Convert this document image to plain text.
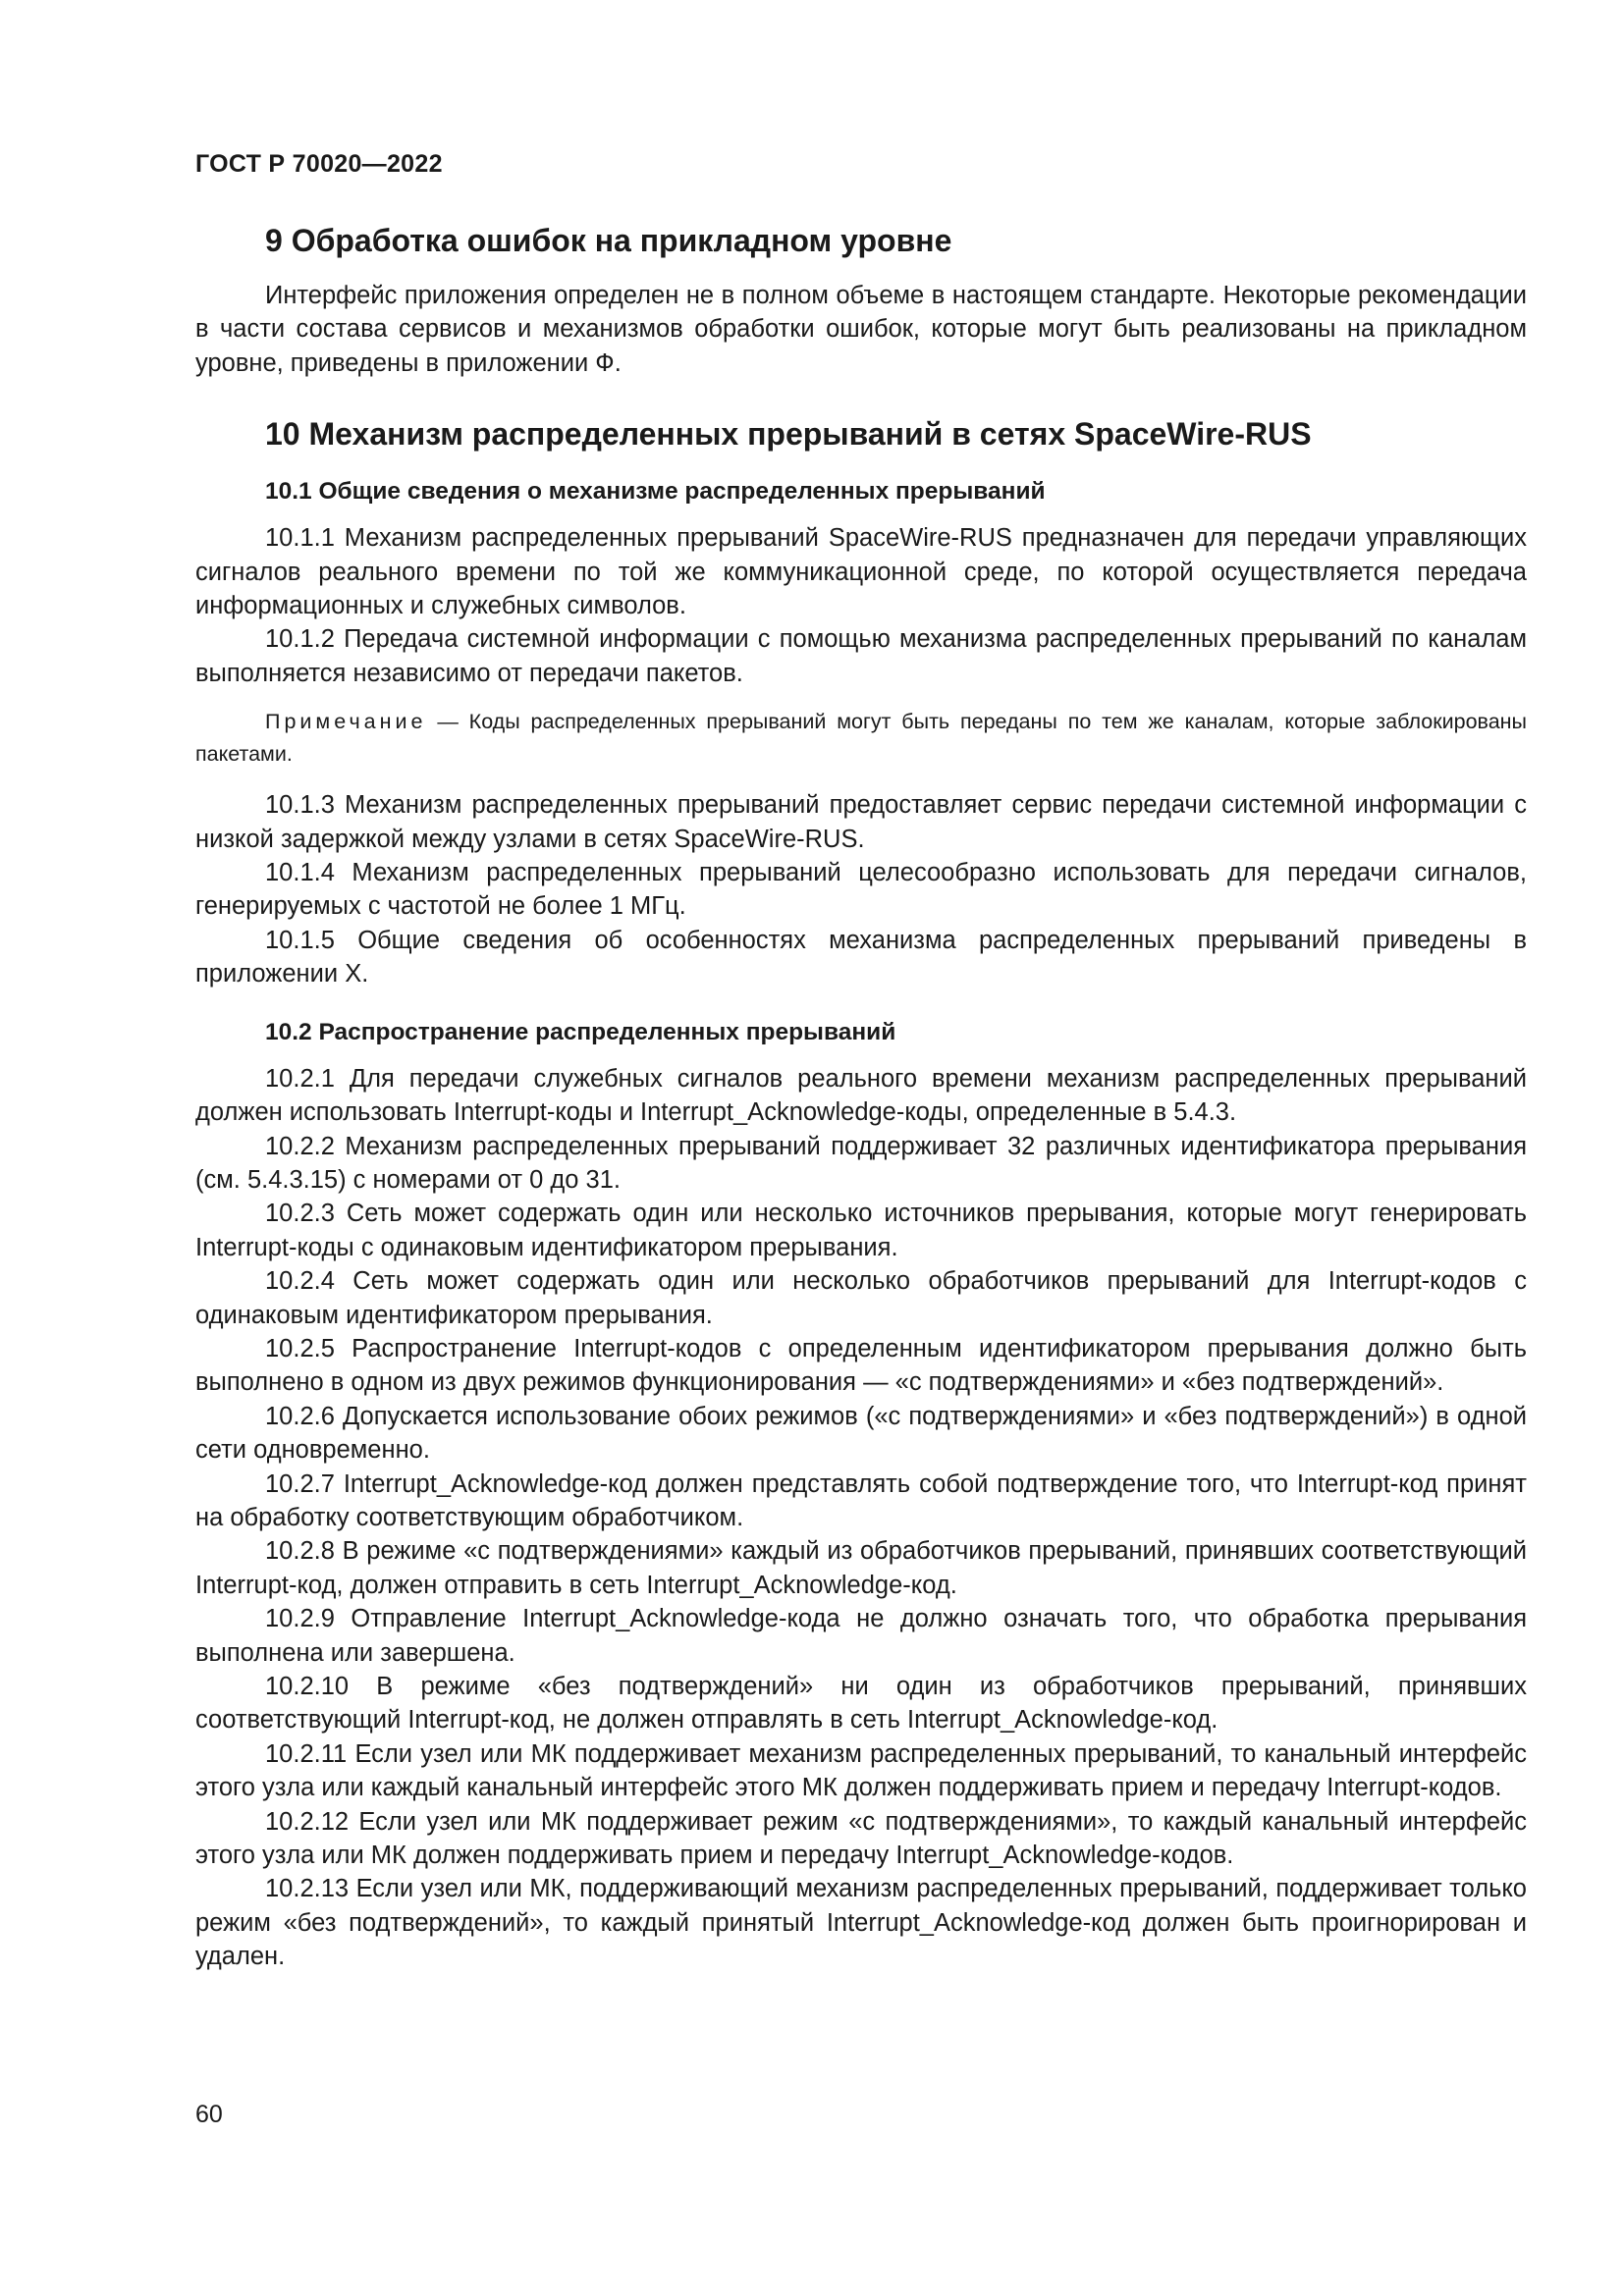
ГОСТ Р 70020—2022
9 Обработка ошибок на прикладном уровне

Интерфейс приложения определен не в полном объеме в настоящем стандарте. Некоторые рекомендации в части состава сервисов и механизмов обработки ошибок, которые могут быть реализованы на прикладном уровне, приведены в приложении Ф.

10 Механизм распределенных прерываний в сетях SpaceWire-RUS
10.1 Общие сведения о механизме распределенных прерываний

10.1.1 Механизм распределенных прерываний SpaceWire-RUS предназначен для передачи управляющих сигналов реального времени по той же коммуникационной среде, по которой осуществляется передача информационных и служебных символов.

10.1.2 Передача системной информации с помощью механизма распределенных прерываний по каналам выполняется независимо от передачи пакетов.

Примечание — Коды распределенных прерываний могут быть переданы по тем же каналам, которые заблокированы пакетами.

10.1.3 Механизм распределенных прерываний предоставляет сервис передачи системной информации с низкой задержкой между узлами в сетях SpaceWire-RUS.

10.1.4 Механизм распределенных прерываний целесообразно использовать для передачи сигналов, генерируемых с частотой не более 1 МГц.

10.1.5 Общие сведения об особенностях механизма распределенных прерываний приведены в приложении Х.

10.2 Распространение распределенных прерываний

10.2.1 Для передачи служебных сигналов реального времени механизм распределенных прерываний должен использовать Interrupt-коды и Interrupt_Acknowledge-коды, определенные в 5.4.3.

10.2.2 Механизм распределенных прерываний поддерживает 32 различных идентификатора прерывания (см. 5.4.3.15) с номерами от 0 до 31.

10.2.3 Сеть может содержать один или несколько источников прерывания, которые могут генерировать Interrupt-коды с одинаковым идентификатором прерывания.

10.2.4 Сеть может содержать один или несколько обработчиков прерываний для Interrupt-кодов с одинаковым идентификатором прерывания.

10.2.5 Распространение Interrupt-кодов с определенным идентификатором прерывания должно быть выполнено в одном из двух режимов функционирования — «с подтверждениями» и «без подтверждений».

10.2.6 Допускается использование обоих режимов («с подтверждениями» и «без подтверждений») в одной сети одновременно.

10.2.7 Interrupt_Acknowledge-код должен представлять собой подтверждение того, что Interrupt-код принят на обработку соответствующим обработчиком.

10.2.8 В режиме «с подтверждениями» каждый из обработчиков прерываний, принявших соответствующий Interrupt-код, должен отправить в сеть Interrupt_Acknowledge-код.

10.2.9 Отправление Interrupt_Acknowledge-кода не должно означать того, что обработка прерывания выполнена или завершена.

10.2.10 В режиме «без подтверждений» ни один из обработчиков прерываний, принявших соответствующий Interrupt-код, не должен отправлять в сеть Interrupt_Acknowledge-код.

10.2.11 Если узел или МК поддерживает механизм распределенных прерываний, то канальный интерфейс этого узла или каждый канальный интерфейс этого МК должен поддерживать прием и передачу Interrupt-кодов.

10.2.12 Если узел или МК поддерживает режим «с подтверждениями», то каждый канальный интерфейс этого узла или МК должен поддерживать прием и передачу Interrupt_Acknowledge-кодов.

10.2.13 Если узел или МК, поддерживающий механизм распределенных прерываний, поддерживает только режим «без подтверждений», то каждый принятый Interrupt_Acknowledge-код должен быть проигнорирован и удален.

60
